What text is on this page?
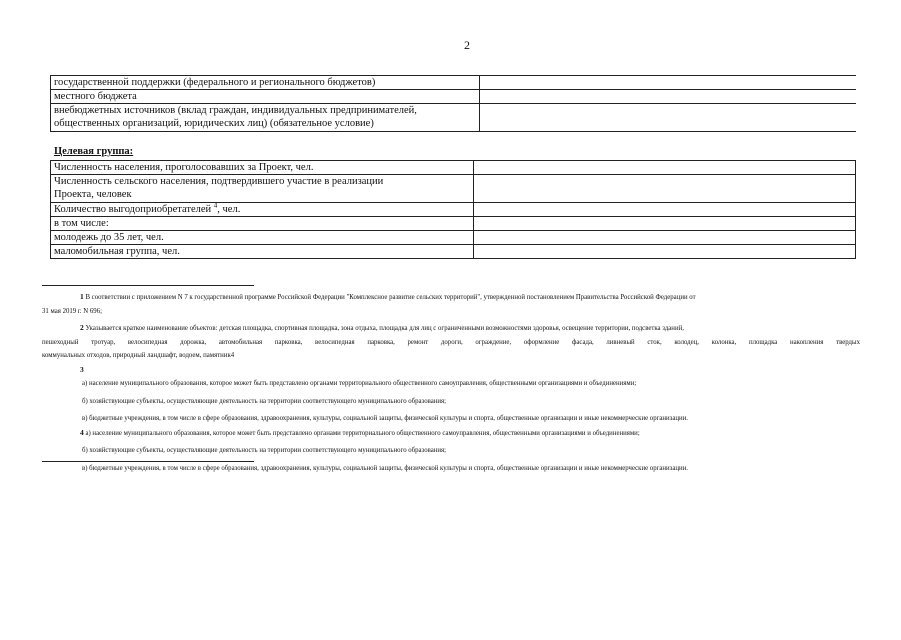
2
государственной поддержки (федерального и регионального бюджетов)	
местного бюджета	
внебюджетных источников (вклад граждан, индивидуальных предпринимателей,
общественных организаций, юридических лиц) (обязательное условие)	
Целевая группа:
Численность населения, проголосовавших за Проект, чел.	
Численность сельского населения, подтвердившего участие в реализации
Проекта, человек	
Количество выгодоприобретателей $^4$, чел.	
в том числе:	
молодежь до 35 лет, чел.	
маломобильная группа, чел.	

1 В соответствии с приложением N 7 к государственной программе Российской Федерации "Комплексное развитие сельских территорий", утвержденной постановлением Правительства Российской Федерации от

31 мая 2019 г. N 696;

2 Указывается краткое наименование объектов: детская площадка, спортивная площадка, зона отдыха, площадка для лиц с ограниченными возможностями здоровья, освещение территории, подсветка зданий,

пешеходный тротуар, велосипедная дорожка, автомобильная парковка, велосипедная парковка, ремонт дороги, ограждение, оформление фасада, ливневый сток, колодец, колонка, площадка накопления твердых

коммунальных отходов, природный ландшафт, водоем, памятник4

3

а) население муниципального образования, которое может быть представлено органами территориального общественного самоуправления, общественными организациями и объединениями;

б) хозяйствующие субъекты, осуществляющие деятельность на территории соответствующего муниципального образования;

в) бюджетные учреждения, в том числе в сфере образования, здравоохранения, культуры, социальной защиты, физической культуры и спорта, общественные организации и иные некоммерческие организации.

4 а) население муниципального образования, которое может быть представлено органами территориального общественного самоуправления, общественными организациями и объединениями;

б) хозяйствующие субъекты, осуществляющие деятельность на территории соответствующего муниципального образования;

в) бюджетные учреждения, в том числе в сфере образования, здравоохранения, культуры, социальной защиты, физической культуры и спорта, общественные организации и иные некоммерческие организации.
